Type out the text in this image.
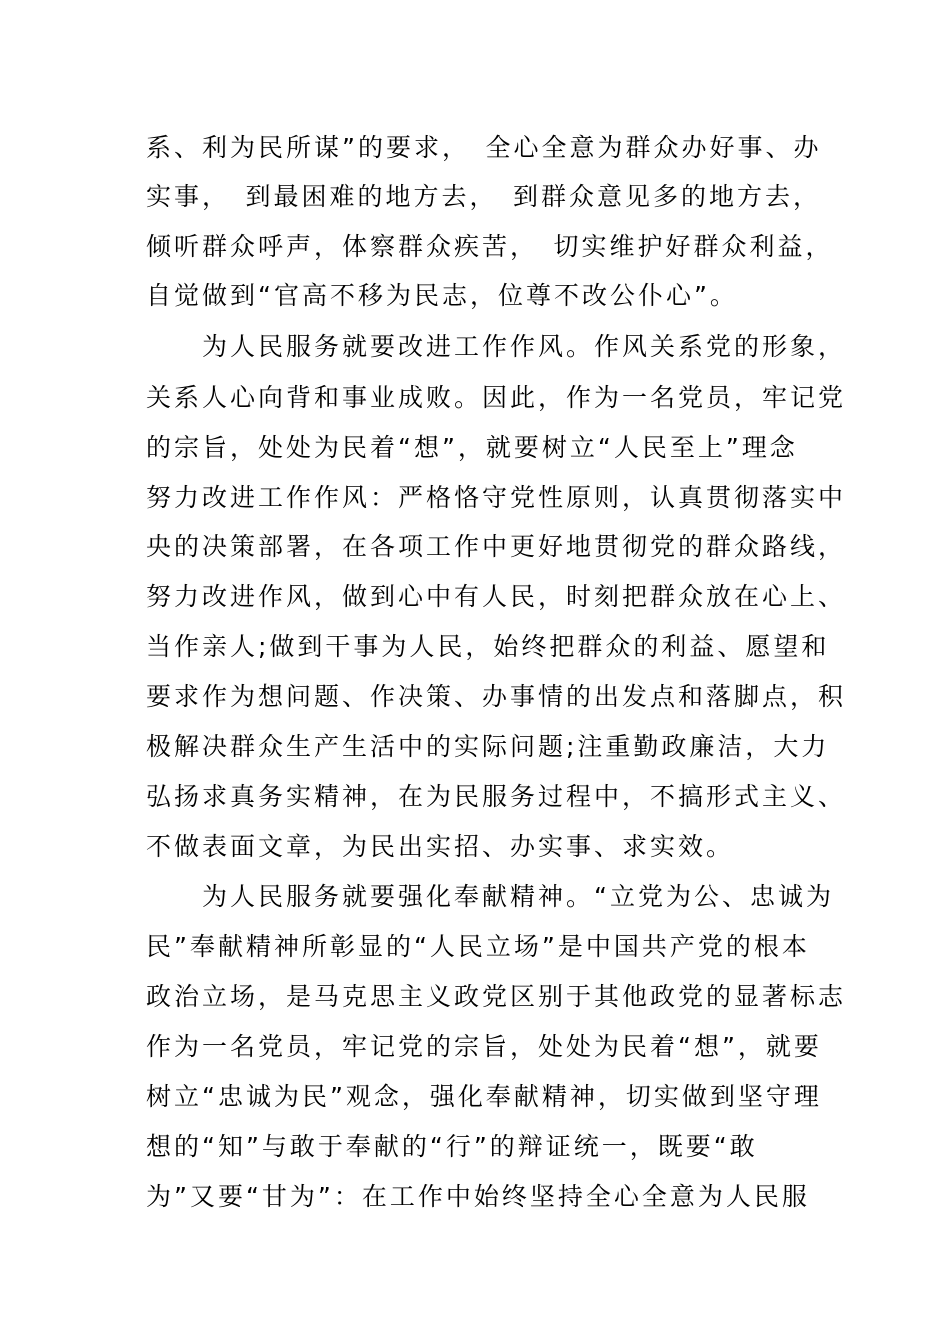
系、利为民所谋”的要求，　全心全意为群众办好事、办
实事，　到最困难的地方去，　到群众意见多的地方去，
倾听群众呼声，体察群众疾苦，　切实维护好群众利益，
自觉做到“官高不移为民志，位尊不改公仆心”。
　　为人民服务就要改进工作作风。作风关系党的形象，
关系人心向背和事业成败。因此，作为一名党员，牢记党
的宗旨，处处为民着“想”，就要树立“人民至上”理念
努力改进工作作风：严格恪守党性原则，认真贯彻落实中
央的决策部署，在各项工作中更好地贯彻党的群众路线，
努力改进作风，做到心中有人民，时刻把群众放在心上、
当作亲人;做到干事为人民，始终把群众的利益、愿望和
要求作为想问题、作决策、办事情的出发点和落脚点，积
极解决群众生产生活中的实际问题;注重勤政廉洁，大力
弘扬求真务实精神，在为民服务过程中，不搞形式主义、
不做表面文章，为民出实招、办实事、求实效。
　　为人民服务就要强化奉献精神。“立党为公、忠诚为
民”奉献精神所彰显的“人民立场”是中国共产党的根本
政治立场，是马克思主义政党区别于其他政党的显著标志
作为一名党员，牢记党的宗旨，处处为民着“想”，就要
树立“忠诚为民”观念，强化奉献精神，切实做到坚守理
想的“知”与敢于奉献的“行”的辩证统一，既要“敢
为”又要“甘为”：在工作中始终坚持全心全意为人民服
